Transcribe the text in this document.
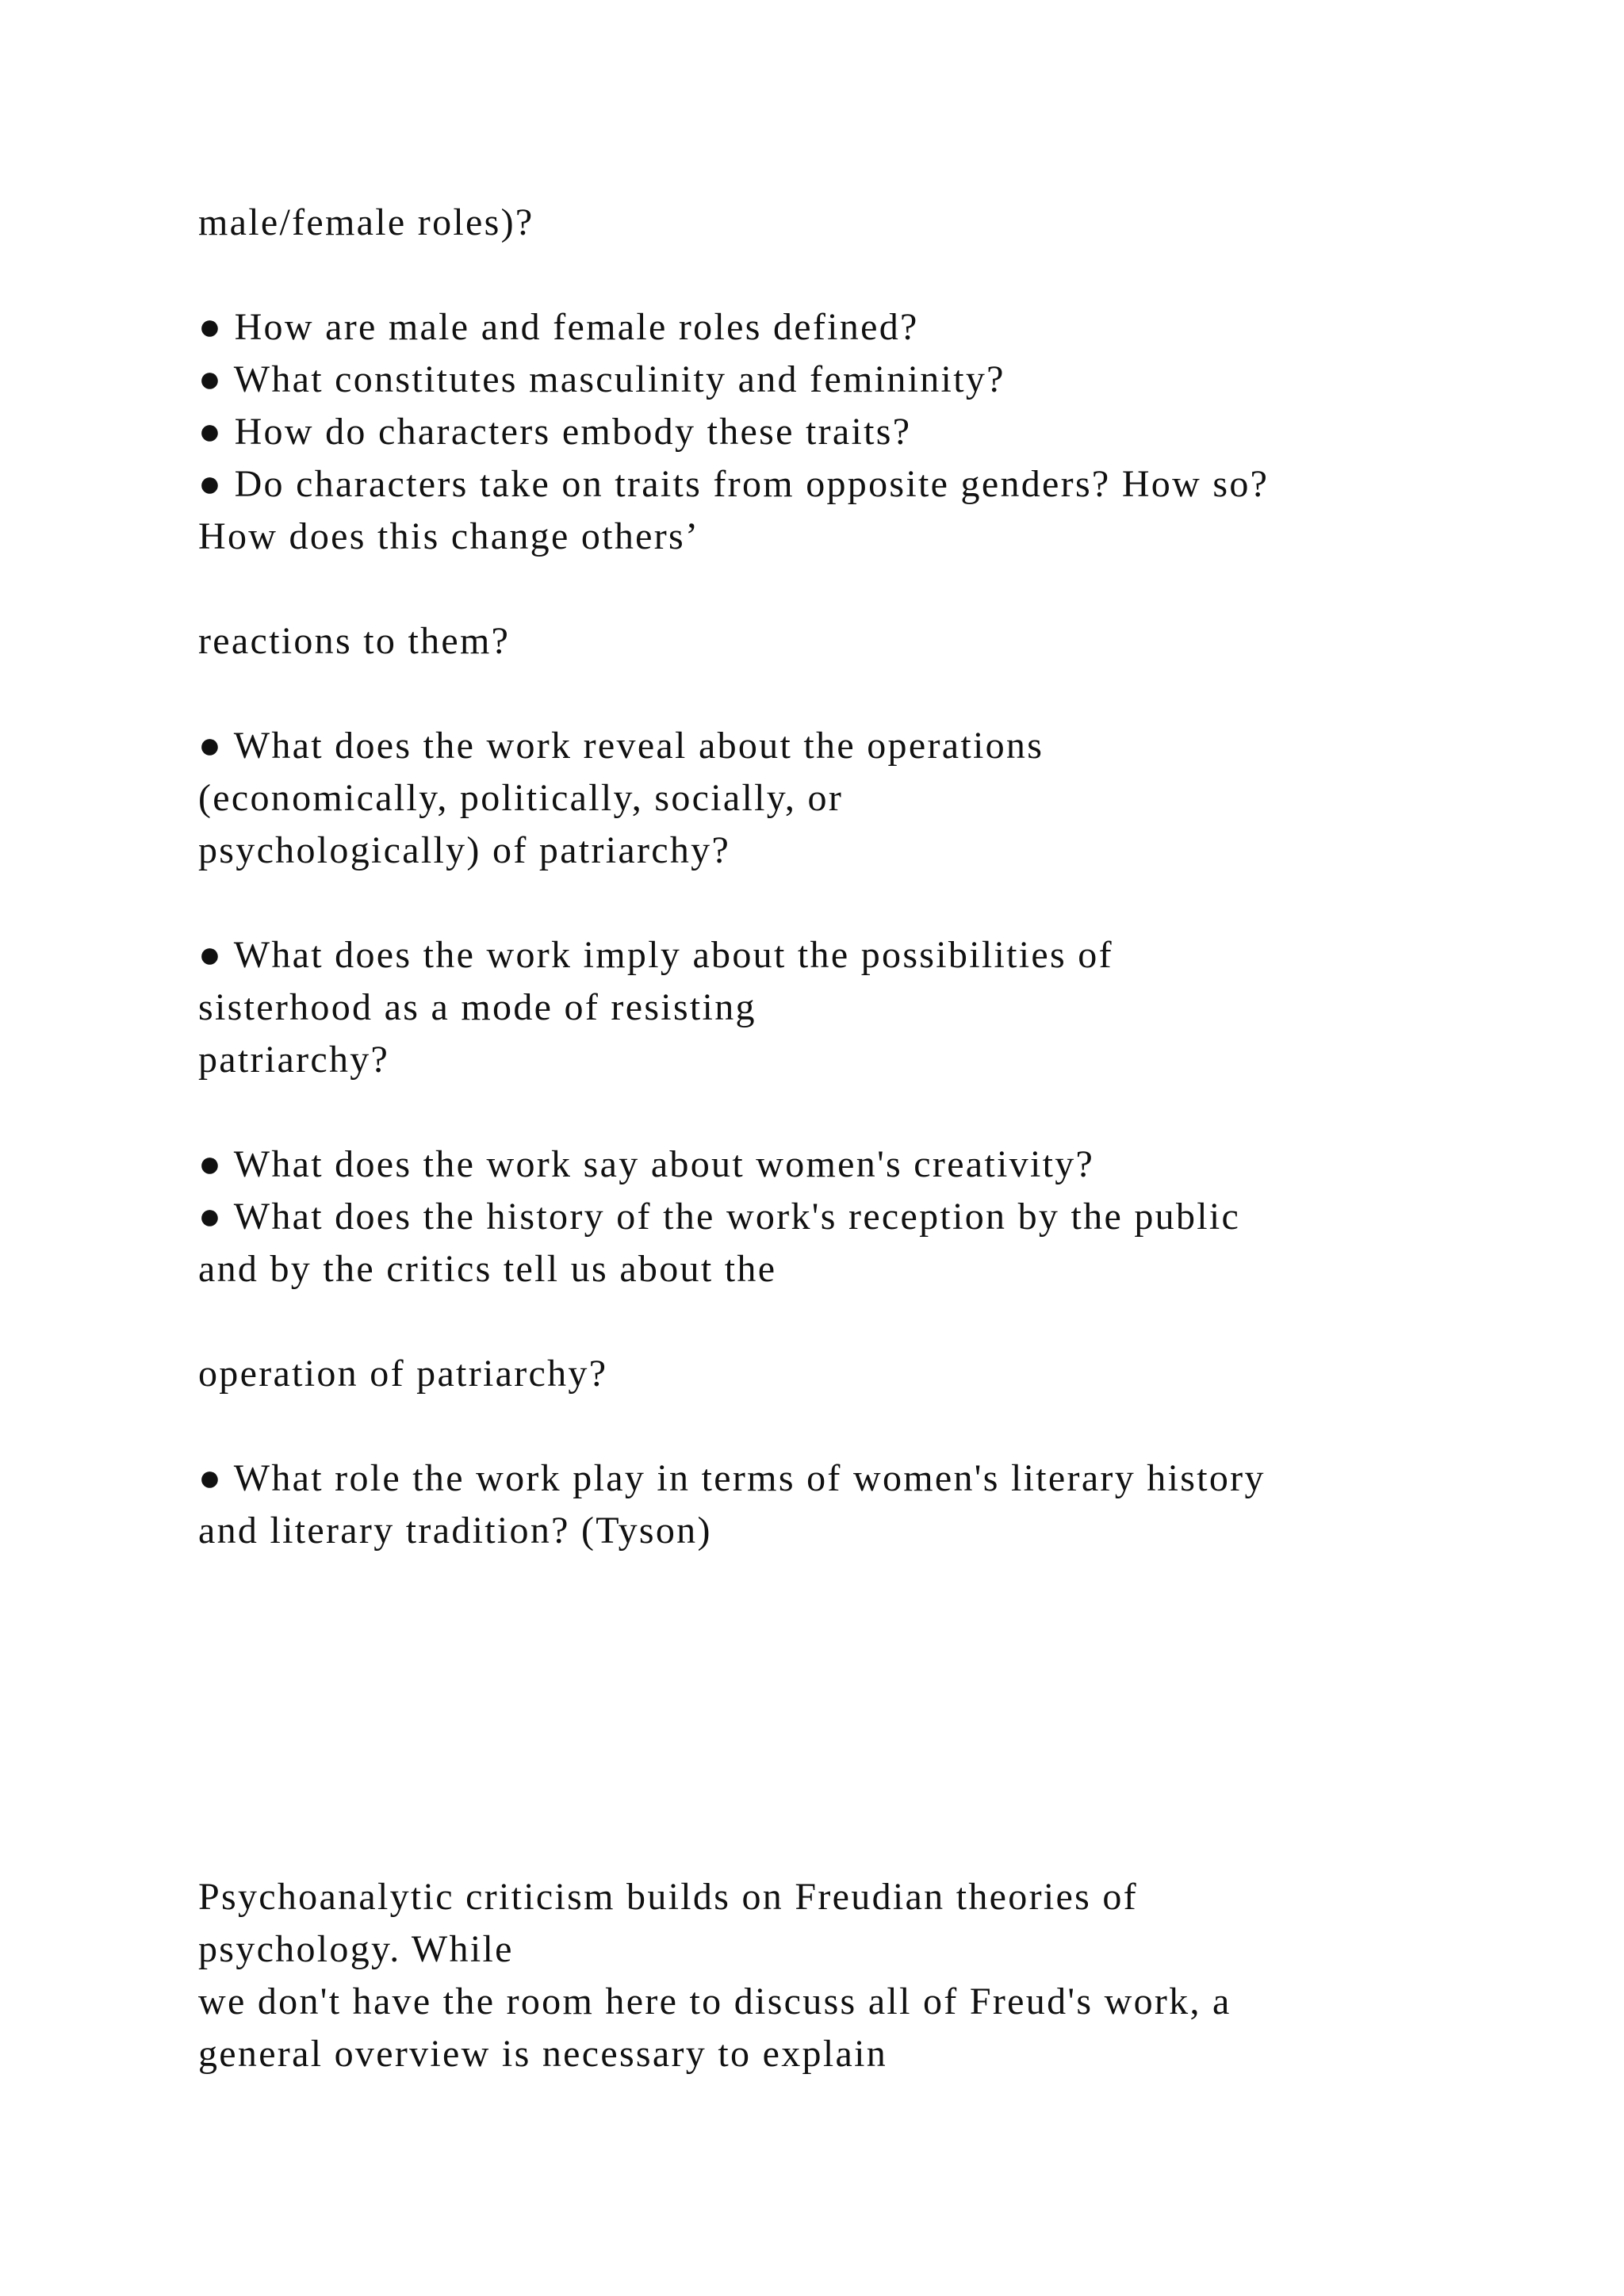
male/female roles)?

● How are male and female roles defined?

● What constitutes masculinity and femininity?

● How do characters embody these traits?

● Do characters take on traits from opposite genders? How so?

How does this change others’

reactions to them?

● What does the work reveal about the operations

(economically, politically, socially, or

psychologically) of patriarchy?

● What does the work imply about the possibilities of

sisterhood as a mode of resisting

patriarchy?

● What does the work say about women's creativity?

● What does the history of the work's reception by the public

and by the critics tell us about the

operation of patriarchy?

● What role the work play in terms of women's literary history

and literary tradition? (Tyson)

Psychoanalytic criticism builds on Freudian theories of

psychology. While

we don't have the room here to discuss all of Freud's work, a

general overview is necessary to explain
